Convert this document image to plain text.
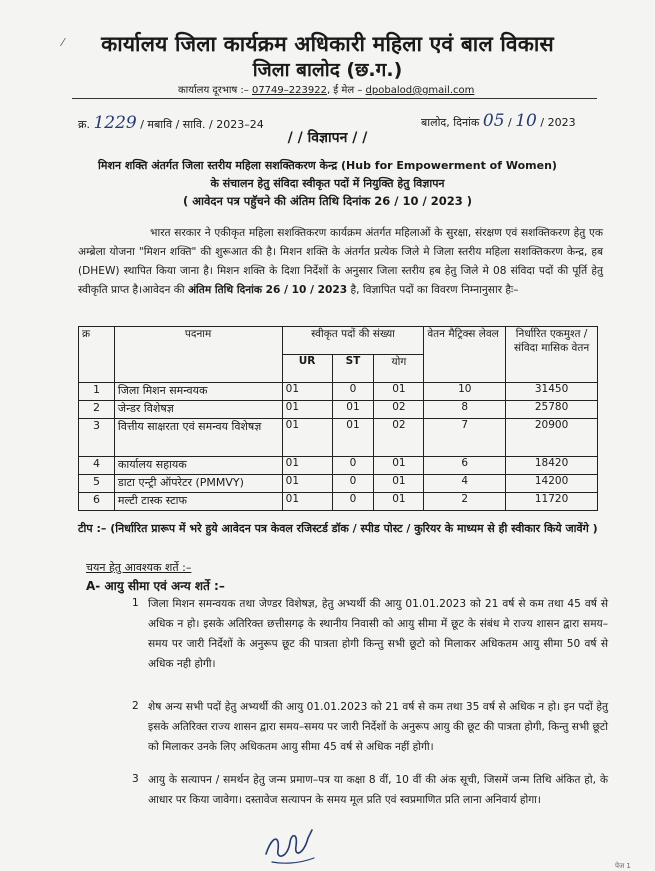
⁄	कार्यालय जिला कार्यक्रम अधिकारी महिला एवं बाल विकास
जिला बालोद (छ.ग.)
कार्यालय दूरभाष :– 07749–223922, ई मेल – dpobalod@gmail.com
क्र. 1229 / मबावि / सावि. / 2023–24	बालोद, दिनांक 05 / 10 / 2023
/ / विज्ञापन / /
मिशन शक्ति अंतर्गत जिला स्तरीय महिला सशक्तिकरण केन्द्र (Hub for Empowerment of Women)
के संचालन हेतु संविदा स्वीकृत पदों में नियुक्ति हेतु विज्ञापन
( आवेदन पत्र पहुॅचने की अंतिम तिथि दिनांक 26 / 10 / 2023 )
भारत सरकार ने एकीकृत महिला सशक्तिकरण कार्यक्रम अंतर्गत महिलाओं के सुरक्षा, संरक्षण एवं सशक्तिकरण हेतु एक अम्ब्रेला योजना "मिशन शक्ति" की शुरूआत की है। मिशन शक्ति के अंतर्गत प्रत्येक जिले मे जिला स्तरीय महिला सशक्तिकरण केन्द्र, हब (DHEW) स्थापित किया जाना है। मिशन शक्ति के दिशा निर्देशों के अनुसार जिला स्तरीय हब हेतु जिले मे 08 संविदा पदों की पूर्ति हेतु स्वीकृति प्राप्त है।आवेदन की अंतिम तिथि दिनांक 26 / 10 / 2023 है, विज्ञापित पदों का विवरण निम्नानुसार हैः–
क्र	पदनाम	स्वीकृत पदों की संख्या			वेतन मैट्रिक्स लेवल	निर्धारित एकमुश्त / संविदा मासिक वेतन
		UR	ST	योग		
1	जिला मिशन समन्वयक	01	0	01	10	31450
2	जेन्डर विशेषज्ञ	01	01	02	8	25780
3	वित्तीय साक्षरता एवं समन्वय विशेषज्ञ	01	01	02	7	20900
4	कार्यालय सहायक	01	0	01	6	18420
5	डाटा एन्ट्री ऑपरेटर (PMMVY)	01	0	01	4	14200
6	मल्टी टास्क स्टाफ	01	0	01	2	11720
टीप :– (निर्धारित प्रारूप में भरे हुये आवेदन पत्र केवल रजिस्टर्ड डॉक / स्पीड पोस्ट / कुरियर के माध्यम से ही स्वीकार किये जावेंगे )
चयन हेतु आवश्यक शर्ते :–
A- आयु सीमा एवं अन्य शर्ते :–
1 जिला मिशन समन्वयक तथा जेण्डर विशेषज्ञ, हेतु अभ्यर्थी की आयु 01.01.2023 को 21 वर्ष से कम तथा 45 वर्ष से अधिक न हो। इसके अतिरिक्त छत्तीसगढ़ के स्थानीय निवासी को आयु सीमा में छूट के संबंध मे राज्य शासन द्वारा समय–समय पर जारी निर्देशों के अनुरूप छूट की पात्रता होगी किन्तु सभी छूटो को मिलाकर अधिकतम आयु सीमा 50 वर्ष से अधिक नही होगी।
2 शेष अन्य सभी पदों हेतु अभ्यर्थी की आयु 01.01.2023 को 21 वर्ष से कम तथा 35 वर्ष से अधिक न हो। इन पदों हेतु इसके अतिरिक्त राज्य शासन द्वारा समय–समय पर जारी निर्देशों के अनुरूप आयु की छूट की पात्रता होगी, किन्तु सभी छूटो को मिलाकर उनके लिए अधिकतम आयु सीमा 45 वर्ष से अधिक नहीं होगी।
3 आयु के सत्यापन / समर्थन हेतु जन्म प्रमाण–पत्र या कक्षा 8 वीं, 10 वीं की अंक सूची, जिसमें जन्म तिथि अंकित हो, के आधार पर किया जावेगा। दस्तावेज सत्यापन के समय मूल प्रति एवं स्वप्रमाणित प्रति लाना अनिवार्य होगा।
पेज 1
